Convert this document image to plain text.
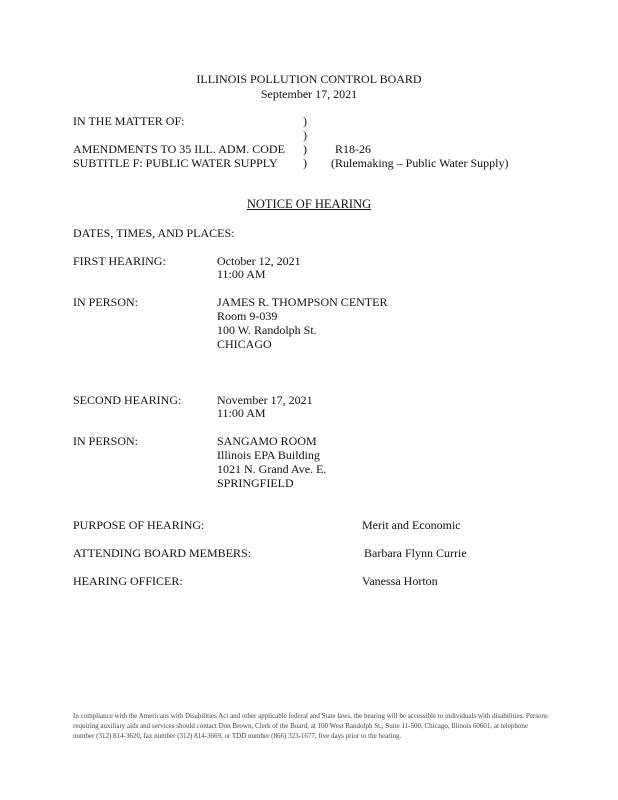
ILLINOIS POLLUTION CONTROL BOARD
September 17, 2021
IN THE MATTER OF:	)
)
AMENDMENTS TO 35 ILL. ADM. CODE ) R18-26
SUBTITLE F: PUBLIC WATER SUPPLY ) (Rulemaking – Public Water Supply)
NOTICE OF HEARING
DATES, TIMES, AND PLACES:
FIRST HEARING:	October 12, 2021
11:00 AM
IN PERSON:	JAMES R. THOMPSON CENTER
Room 9-039
100 W. Randolph St.
CHICAGO
SECOND HEARING:	November 17, 2021
11:00 AM
IN PERSON:	SANGAMO ROOM
Illinois EPA Building
1021 N. Grand Ave. E.
SPRINGFIELD
PURPOSE OF HEARING:	Merit and Economic
ATTENDING BOARD MEMBERS:	Barbara Flynn Currie
HEARING OFFICER:	Vanessa Horton
In compliance with the Americans with Disabilities Act and other applicable federal and State laws, the hearing will be accessible to individuals with disabilities. Persons requiring auxiliary aids and services should contact Don Brown, Clerk of the Board, at 100 West Randolph St., Suite 11-500, Chicago, Illinois 60601, at telephone number (312) 814-3620, fax number (312) 814-3669, or TDD number (866) 323-1677, five days prior to the hearing.
